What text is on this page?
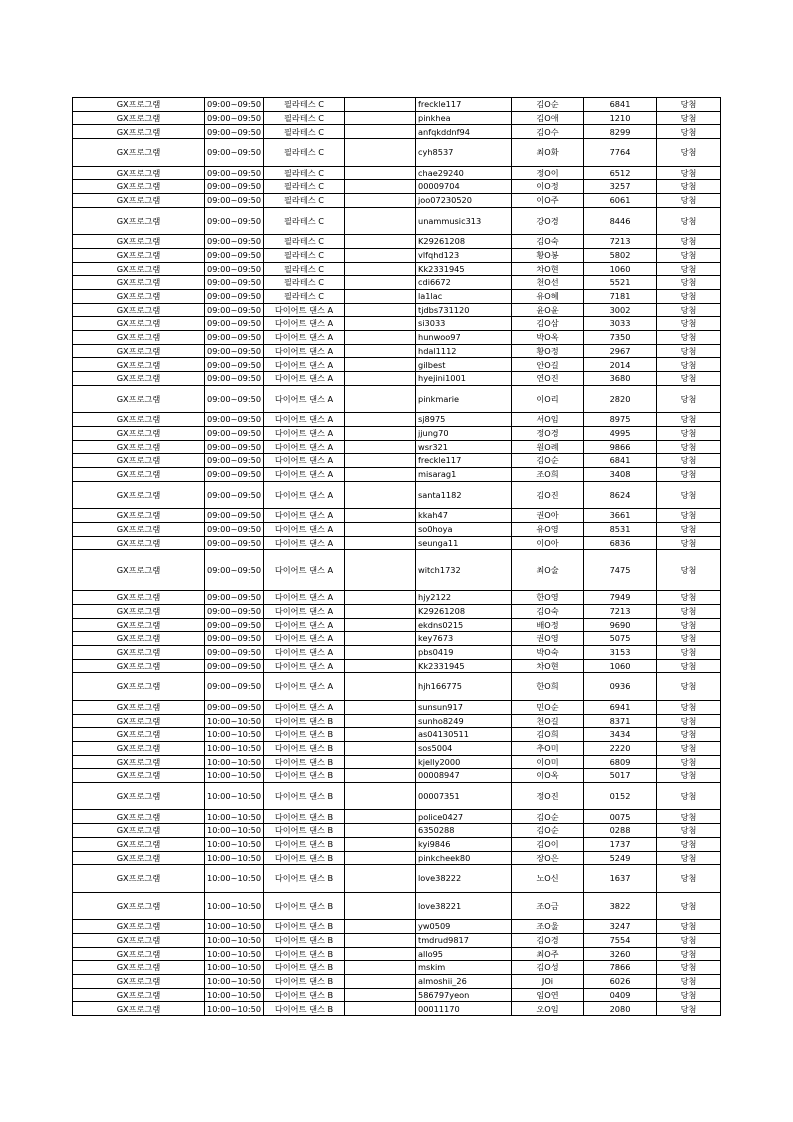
GX프로그램	09:00~09:50	필라테스 C		freckle117	김O순	6841	당첨
GX프로그램	09:00~09:50	필라테스 C		pinkhea	김O애	1210	당첨
GX프로그램	09:00~09:50	필라테스 C		anfqkddnf94	김O수	8299	당첨
GX프로그램	09:00~09:50	필라테스 C		cyh8537	최O화	7764	당첨
GX프로그램	09:00~09:50	필라테스 C		chae29240	정O이	6512	당첨
GX프로그램	09:00~09:50	필라테스 C		00009704	이O정	3257	당첨
GX프로그램	09:00~09:50	필라테스 C		joo07230520	이O주	6061	당첨
GX프로그램	09:00~09:50	필라테스 C		unammusic313	강O경	8446	당첨
GX프로그램	09:00~09:50	필라테스 C		K29261208	김O숙	7213	당첨
GX프로그램	09:00~09:50	필라테스 C		vlfqhd123	황O봉	5802	당첨
GX프로그램	09:00~09:50	필라테스 C		Kk2331945	차O현	1060	당첨
GX프로그램	09:00~09:50	필라테스 C		cdi6672	천O선	5521	당첨
GX프로그램	09:00~09:50	필라테스 C		la1lac	유O혜	7181	당첨
GX프로그램	09:00~09:50	다이어트 댄스 A		tjdbs731120	윤O윤	3002	당첨
GX프로그램	09:00~09:50	다이어트 댄스 A		si3033	김O삼	3033	당첨
GX프로그램	09:00~09:50	다이어트 댄스 A		hunwoo97	박O옥	7350	당첨
GX프로그램	09:00~09:50	다이어트 댄스 A		hdal1112	황O정	2967	당첨
GX프로그램	09:00~09:50	다이어트 댄스 A		gilbest	안O길	2014	당첨
GX프로그램	09:00~09:50	다이어트 댄스 A		hyejini1001	연O진	3680	당첨
GX프로그램	09:00~09:50	다이어트 댄스 A		pinkmarie	이O리	2820	당첨
GX프로그램	09:00~09:50	다이어트 댄스 A		sj8975	서O임	8975	당첨
GX프로그램	09:00~09:50	다이어트 댄스 A		jjung70	정O경	4995	당첨
GX프로그램	09:00~09:50	다이어트 댄스 A		wsr321	원O례	9866	당첨
GX프로그램	09:00~09:50	다이어트 댄스 A		freckle117	김O순	6841	당첨
GX프로그램	09:00~09:50	다이어트 댄스 A		misarag1	조O희	3408	당첨
GX프로그램	09:00~09:50	다이어트 댄스 A		santa1182	김O진	8624	당첨
GX프로그램	09:00~09:50	다이어트 댄스 A		kkah47	권O아	3661	당첨
GX프로그램	09:00~09:50	다이어트 댄스 A		so0hoya	유O영	8531	당첨
GX프로그램	09:00~09:50	다이어트 댄스 A		seunga11	이O아	6836	당첨
GX프로그램	09:00~09:50	다이어트 댄스 A		witch1732	최O술	7475	당첨
GX프로그램	09:00~09:50	다이어트 댄스 A		hjy2122	한O영	7949	당첨
GX프로그램	09:00~09:50	다이어트 댄스 A		K29261208	김O숙	7213	당첨
GX프로그램	09:00~09:50	다이어트 댄스 A		ekdns0215	배O정	9690	당첨
GX프로그램	09:00~09:50	다이어트 댄스 A		key7673	권O영	5075	당첨
GX프로그램	09:00~09:50	다이어트 댄스 A		pbs0419	박O숙	3153	당첨
GX프로그램	09:00~09:50	다이어트 댄스 A		Kk2331945	차O현	1060	당첨
GX프로그램	09:00~09:50	다이어트 댄스 A		hjh166775	한O희	0936	당첨
GX프로그램	09:00~09:50	다이어트 댄스 A		sunsun917	민O순	6941	당첨
GX프로그램	10:00~10:50	다이어트 댄스 B		sunho8249	천O길	8371	당첨
GX프로그램	10:00~10:50	다이어트 댄스 B		as04130511	김O희	3434	당첨
GX프로그램	10:00~10:50	다이어트 댄스 B		sos5004	추O미	2220	당첨
GX프로그램	10:00~10:50	다이어트 댄스 B		kjelly2000	이O미	6809	당첨
GX프로그램	10:00~10:50	다이어트 댄스 B		00008947	이O옥	5017	당첨
GX프로그램	10:00~10:50	다이어트 댄스 B		00007351	정O진	0152	당첨
GX프로그램	10:00~10:50	다이어트 댄스 B		police0427	김O순	0075	당첨
GX프로그램	10:00~10:50	다이어트 댄스 B		6350288	김O순	0288	당첨
GX프로그램	10:00~10:50	다이어트 댄스 B		kyi9846	김O이	1737	당첨
GX프로그램	10:00~10:50	다이어트 댄스 B		pinkcheek80	장O은	5249	당첨
GX프로그램	10:00~10:50	다이어트 댄스 B		love38222	노O신	1637	당첨
GX프로그램	10:00~10:50	다이어트 댄스 B		love38221	조O금	3822	당첨
GX프로그램	10:00~10:50	다이어트 댄스 B		yw0509	조O울	3247	당첨
GX프로그램	10:00~10:50	다이어트 댄스 B		tmdrud9817	김O경	7554	당첨
GX프로그램	10:00~10:50	다이어트 댄스 B		allo95	최O주	3260	당첨
GX프로그램	10:00~10:50	다이어트 댄스 B		mskim	김O성	7866	당첨
GX프로그램	10:00~10:50	다이어트 댄스 B		almoshii_26	JOi	6026	당첨
GX프로그램	10:00~10:50	다이어트 댄스 B		586797yeon	임O연	0409	당첨
GX프로그램	10:00~10:50	다이어트 댄스 B		00011170	오O임	2080	당첨
